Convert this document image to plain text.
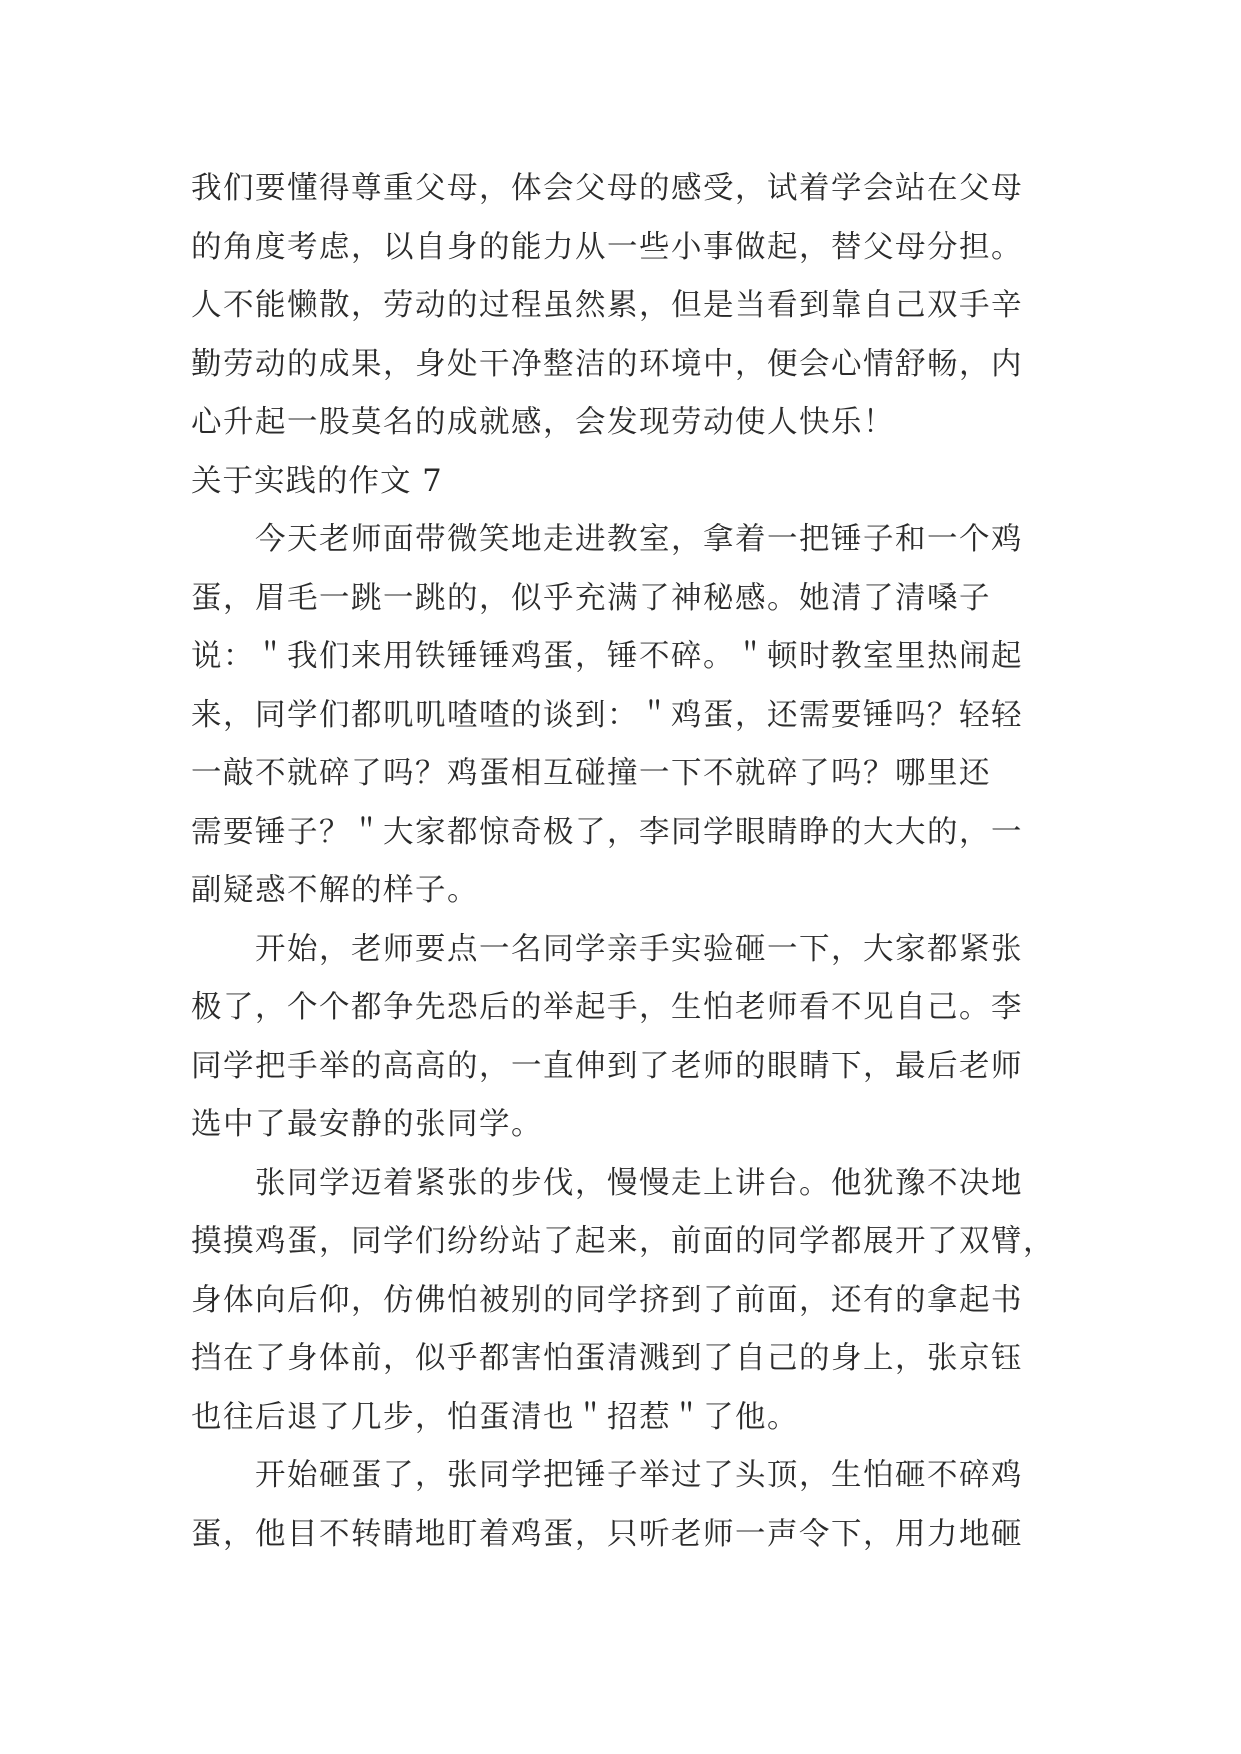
我们要懂得尊重父母，体会父母的感受，试着学会站在父母
的角度考虑，以自身的能力从一些小事做起，替父母分担。
人不能懒散，劳动的过程虽然累，但是当看到靠自己双手辛
勤劳动的成果，身处干净整洁的环境中，便会心情舒畅，内
心升起一股莫名的成就感，会发现劳动使人快乐！
关于实践的作文 7
　　今天老师面带微笑地走进教室，拿着一把锤子和一个鸡
蛋，眉毛一跳一跳的，似乎充满了神秘感。她清了清嗓子
说：＂我们来用铁锤锤鸡蛋，锤不碎。＂顿时教室里热闹起
来，同学们都叽叽喳喳的谈到：＂鸡蛋，还需要锤吗？轻轻
一敲不就碎了吗？鸡蛋相互碰撞一下不就碎了吗？哪里还
需要锤子？＂大家都惊奇极了，李同学眼睛睁的大大的，一
副疑惑不解的样子。
　　开始，老师要点一名同学亲手实验砸一下，大家都紧张
极了，个个都争先恐后的举起手，生怕老师看不见自己。李
同学把手举的高高的，一直伸到了老师的眼睛下，最后老师
选中了最安静的张同学。
　　张同学迈着紧张的步伐，慢慢走上讲台。他犹豫不决地
摸摸鸡蛋，同学们纷纷站了起来，前面的同学都展开了双臂，
身体向后仰，仿佛怕被别的同学挤到了前面，还有的拿起书
挡在了身体前，似乎都害怕蛋清溅到了自己的身上，张京钰
也往后退了几步，怕蛋清也＂招惹＂了他。
　　开始砸蛋了，张同学把锤子举过了头顶，生怕砸不碎鸡
蛋，他目不转睛地盯着鸡蛋，只听老师一声令下，用力地砸
